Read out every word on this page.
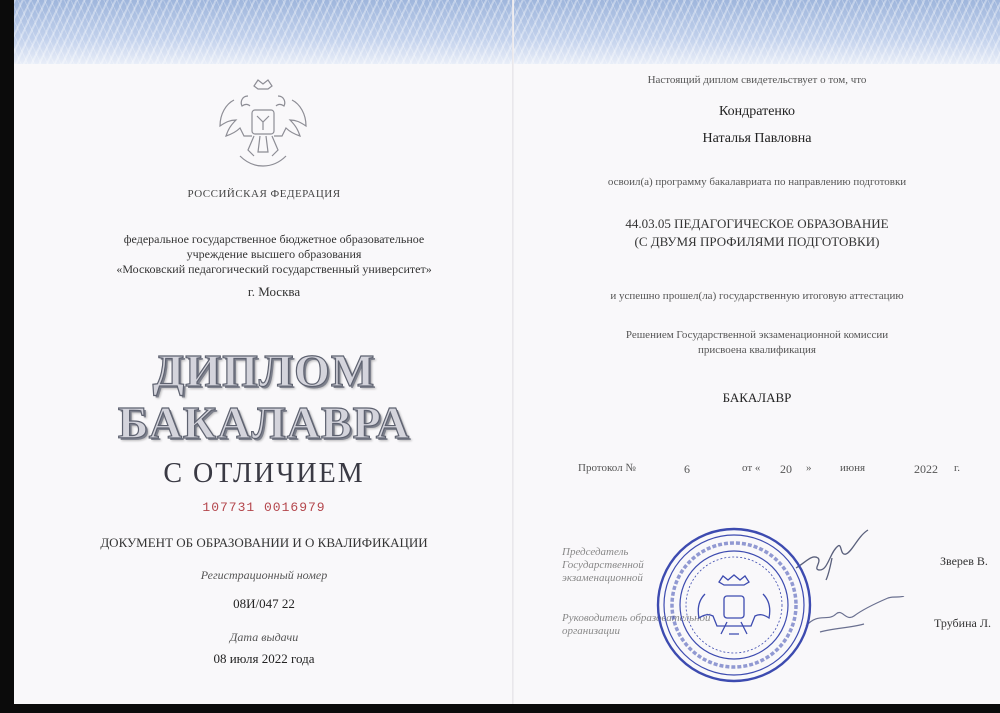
РОССИЙСКАЯ ФЕДЕРАЦИЯ
федеральное государственное бюджетное образовательное
учреждение высшего образования
«Московский педагогический государственный университет»
г. Москва
ДИПЛОМ
БАКАЛАВРА
С ОТЛИЧИЕМ
107731 0016979
ДОКУМЕНТ ОБ ОБРАЗОВАНИИ И О КВАЛИФИКАЦИИ
Регистрационный номер
08И/047 22
Дата выдачи
08 июля 2022 года
Настоящий диплом свидетельствует о том, что
Кондратенко
Наталья Павловна
освоил(а) программу бакалавриата по направлению подготовки
44.03.05 ПЕДАГОГИЧЕСКОЕ ОБРАЗОВАНИЕ
(С ДВУМЯ ПРОФИЛЯМИ ПОДГОТОВКИ)
и успешно прошел(ла) государственную итоговую аттестацию
Решением Государственной экзаменационной комиссии
присвоена квалификация
БАКАЛАВР
Протокол №	6	от « 20 »	июня	2022 г.
Председатель
Государственной
экзаменационной
Зверев В.
Руководитель образовательной
организации
Трубина Л.
